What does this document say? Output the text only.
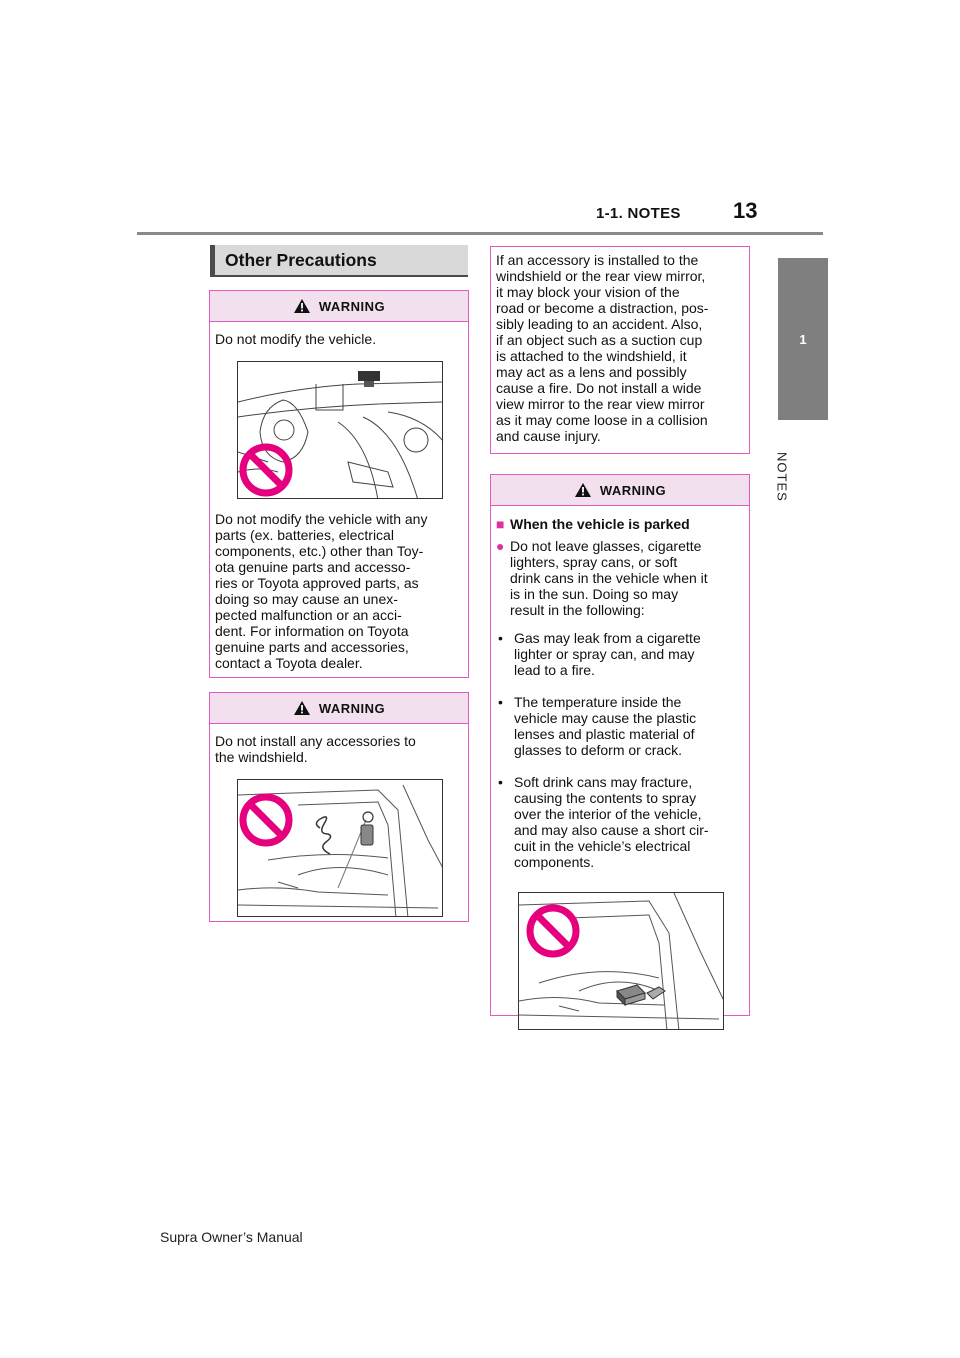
1-1. NOTES 13
1
NOTES
Other Precautions
WARNING

Do not modify the vehicle.

Do not modify the vehicle with any
parts (ex. batteries, electrical
components, etc.) other than Toy-
ota genuine parts and accesso-
ries or Toyota approved parts, as
doing so may cause an unex-
pected malfunction or an acci-
dent. For information on Toyota
genuine parts and accessories,
contact a Toyota dealer.

WARNING

Do not install any accessories to
the windshield.

If an accessory is installed to the
windshield or the rear view mirror,
it may block your vision of the
road or become a distraction, pos-
sibly leading to an accident. Also,
if an object such as a suction cup
is attached to the windshield, it
may act as a lens and possibly
cause a fire. Do not install a wide
view mirror to the rear view mirror
as it may come loose in a collision
and cause injury.

WARNING
■ When the vehicle is parked
● Do not leave glasses, cigarette
lighters, spray cans, or soft
drink cans in the vehicle when it
is in the sun. Doing so may
result in the following:
• Gas may leak from a cigarette
lighter or spray can, and may
lead to a fire.
• The temperature inside the
vehicle may cause the plastic
lenses and plastic material of
glasses to deform or crack.
• Soft drink cans may fracture,
causing the contents to spray
over the interior of the vehicle,
and may also cause a short cir-
cuit in the vehicle’s electrical
components.
Supra Owner’s Manual
